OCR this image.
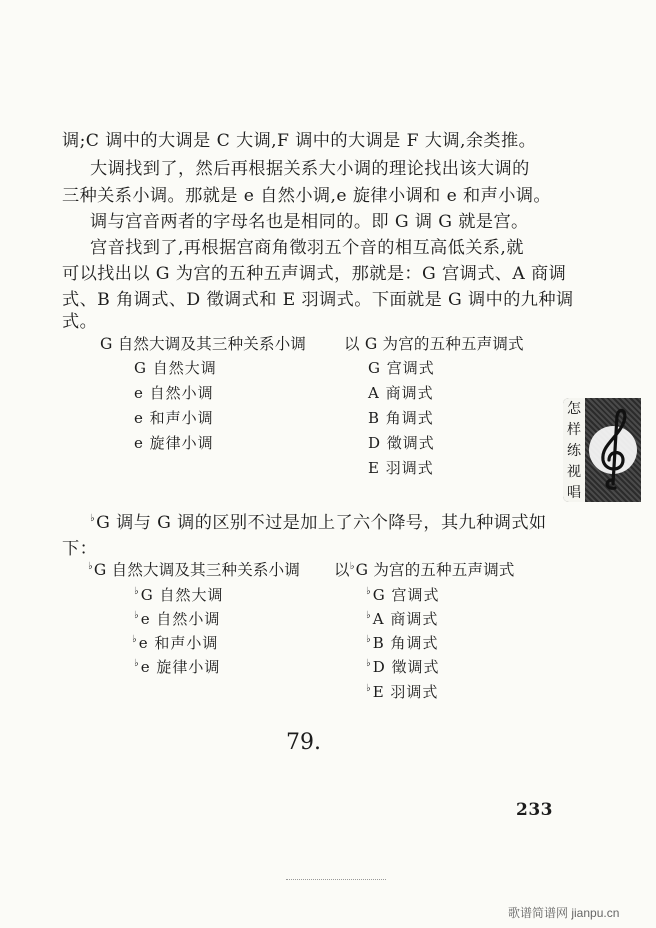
调;C 调中的大调是 C 大调,F 调中的大调是 F 大调,余类推。
大调找到了，然后再根据关系大小调的理论找出该大调的
三种关系小调。那就是 e 自然小调,e 旋律小调和 e 和声小调。
调与宫音两者的字母名也是相同的。即 G 调 G 就是宫。
宫音找到了,再根据宫商角徵羽五个音的相互高低关系,就
可以找出以 G 为宫的五种五声调式，那就是：G 宫调式、A 商调
式、B 角调式、D 徵调式和 E 羽调式。下面就是 G 调中的九种调
式。
G 自然大调及其三种关系小调 以 G 为宫的五种五声调式
G 自然大调
e 自然小调
e 和声小调
e 旋律小调
G 宫调式
A 商调式
B 角调式
D 徵调式
E 羽调式
怎
样
练
视
唱
♭G 调与 G 调的区别不过是加上了六个降号，其九种调式如
下：
♭G 自然大调及其三种关系小调 以♭G 为宫的五种五声调式
♭G 自然大调
♭e 自然小调
♭e 和声小调
♭e 旋律小调
♭G 宫调式
♭A 商调式
♭B 角调式
♭D 徵调式
♭E 羽调式
79.
233
歌谱简谱网 jianpu.cn
